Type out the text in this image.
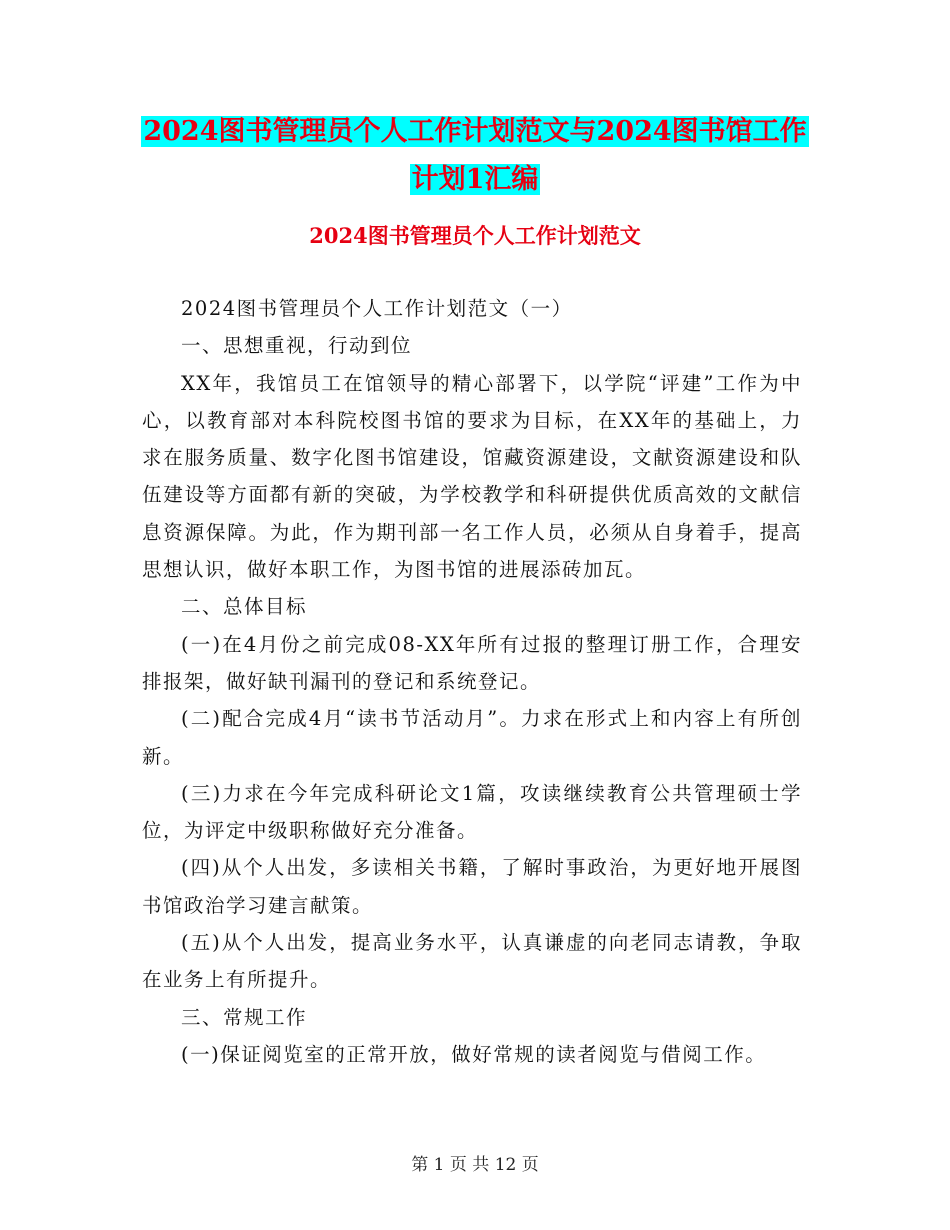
2024图书管理员个人工作计划范文与2024图书馆工作
计划1汇编
2024图书管理员个人工作计划范文

2024图书管理员个人工作计划范文（一）

一、思想重视，行动到位

XX年，我馆员工在馆领导的精心部署下，以学院“评建”工作为中心，以教育部对本科院校图书馆的要求为目标，在XX年的基础上，力求在服务质量、数字化图书馆建设，馆藏资源建设，文献资源建设和队伍建设等方面都有新的突破，为学校教学和科研提供优质高效的文献信息资源保障。为此，作为期刊部一名工作人员，必须从自身着手，提高思想认识，做好本职工作，为图书馆的进展添砖加瓦。

二、总体目标

(一)在4月份之前完成08-XX年所有过报的整理订册工作，合理安排报架，做好缺刊漏刊的登记和系统登记。

(二)配合完成4月“读书节活动月”。力求在形式上和内容上有所创新。

(三)力求在今年完成科研论文1篇，攻读继续教育公共管理硕士学位，为评定中级职称做好充分准备。

(四)从个人出发，多读相关书籍，了解时事政治，为更好地开展图书馆政治学习建言献策。

(五)从个人出发，提高业务水平，认真谦虚的向老同志请教，争取在业务上有所提升。

三、常规工作

(一)保证阅览室的正常开放，做好常规的读者阅览与借阅工作。

第 1 页 共 12 页
